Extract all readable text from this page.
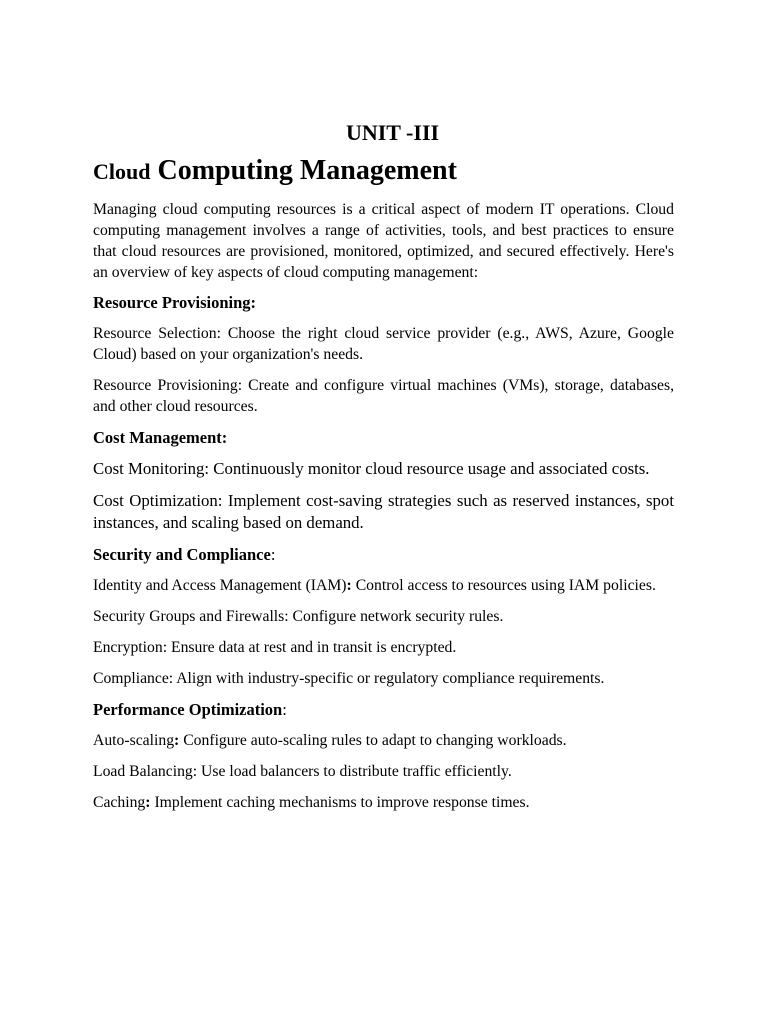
UNIT -III
Cloud Computing Management

Managing cloud computing resources is a critical aspect of modern IT operations. Cloud computing management involves a range of activities, tools, and best practices to ensure that cloud resources are provisioned, monitored, optimized, and secured effectively. Here's an overview of key aspects of cloud computing management:

Resource Provisioning:

Resource Selection: Choose the right cloud service provider (e.g., AWS, Azure, Google Cloud) based on your organization's needs.

Resource Provisioning: Create and configure virtual machines (VMs), storage, databases, and other cloud resources.

Cost Management:

Cost Monitoring: Continuously monitor cloud resource usage and associated costs.

Cost Optimization: Implement cost-saving strategies such as reserved instances, spot instances, and scaling based on demand.

Security and Compliance:

Identity and Access Management (IAM): Control access to resources using IAM policies.

Security Groups and Firewalls: Configure network security rules.

Encryption: Ensure data at rest and in transit is encrypted.

Compliance: Align with industry-specific or regulatory compliance requirements.

Performance Optimization:

Auto-scaling: Configure auto-scaling rules to adapt to changing workloads.

Load Balancing: Use load balancers to distribute traffic efficiently.

Caching: Implement caching mechanisms to improve response times.
